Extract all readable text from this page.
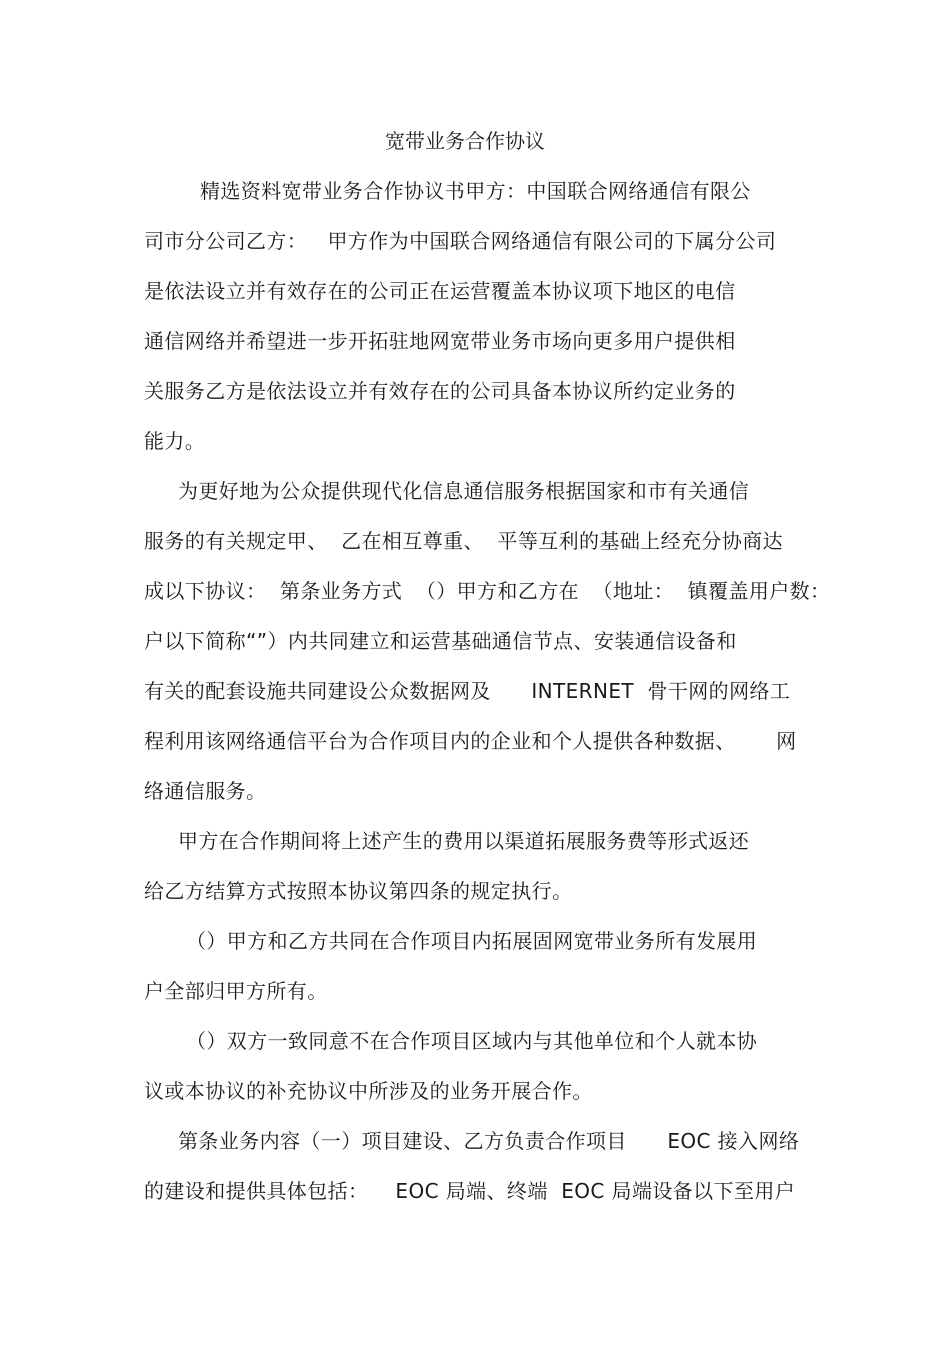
宽带业务合作协议
精选资料宽带业务合作协议书甲方：中国联合网络通信有限公
司市分公司乙方：   甲方作为中国联合网络通信有限公司的下属分公司
是依法设立并有效存在的公司正在运营覆盖本协议项下地区的电信
通信网络并希望进一步开拓驻地网宽带业务市场向更多用户提供相
关服务乙方是依法设立并有效存在的公司具备本协议所约定业务的
能力。
为更好地为公众提供现代化信息通信服务根据国家和市有关通信
服务的有关规定甲、  乙在相互尊重、  平等互利的基础上经充分协商达
成以下协议：  第条业务方式  （）甲方和乙方在  （地址：  镇覆盖用户数：
户以下简称“”）内共同建立和运营基础通信节点、安装通信设备和
有关的配套设施共同建设公众数据网及      INTERNET  骨干网的网络工
程利用该网络通信平台为合作项目内的企业和个人提供各种数据、      网
络通信服务。
甲方在合作期间将上述产生的费用以渠道拓展服务费等形式返还
给乙方结算方式按照本协议第四条的规定执行。
（）甲方和乙方共同在合作项目内拓展固网宽带业务所有发展用
户全部归甲方所有。
（）双方一致同意不在合作项目区域内与其他单位和个人就本协
议或本协议的补充协议中所涉及的业务开展合作。
第条业务内容（一）项目建设、乙方负责合作项目      EOC 接入网络
的建设和提供具体包括：    EOC 局端、终端  EOC 局端设备以下至用户
